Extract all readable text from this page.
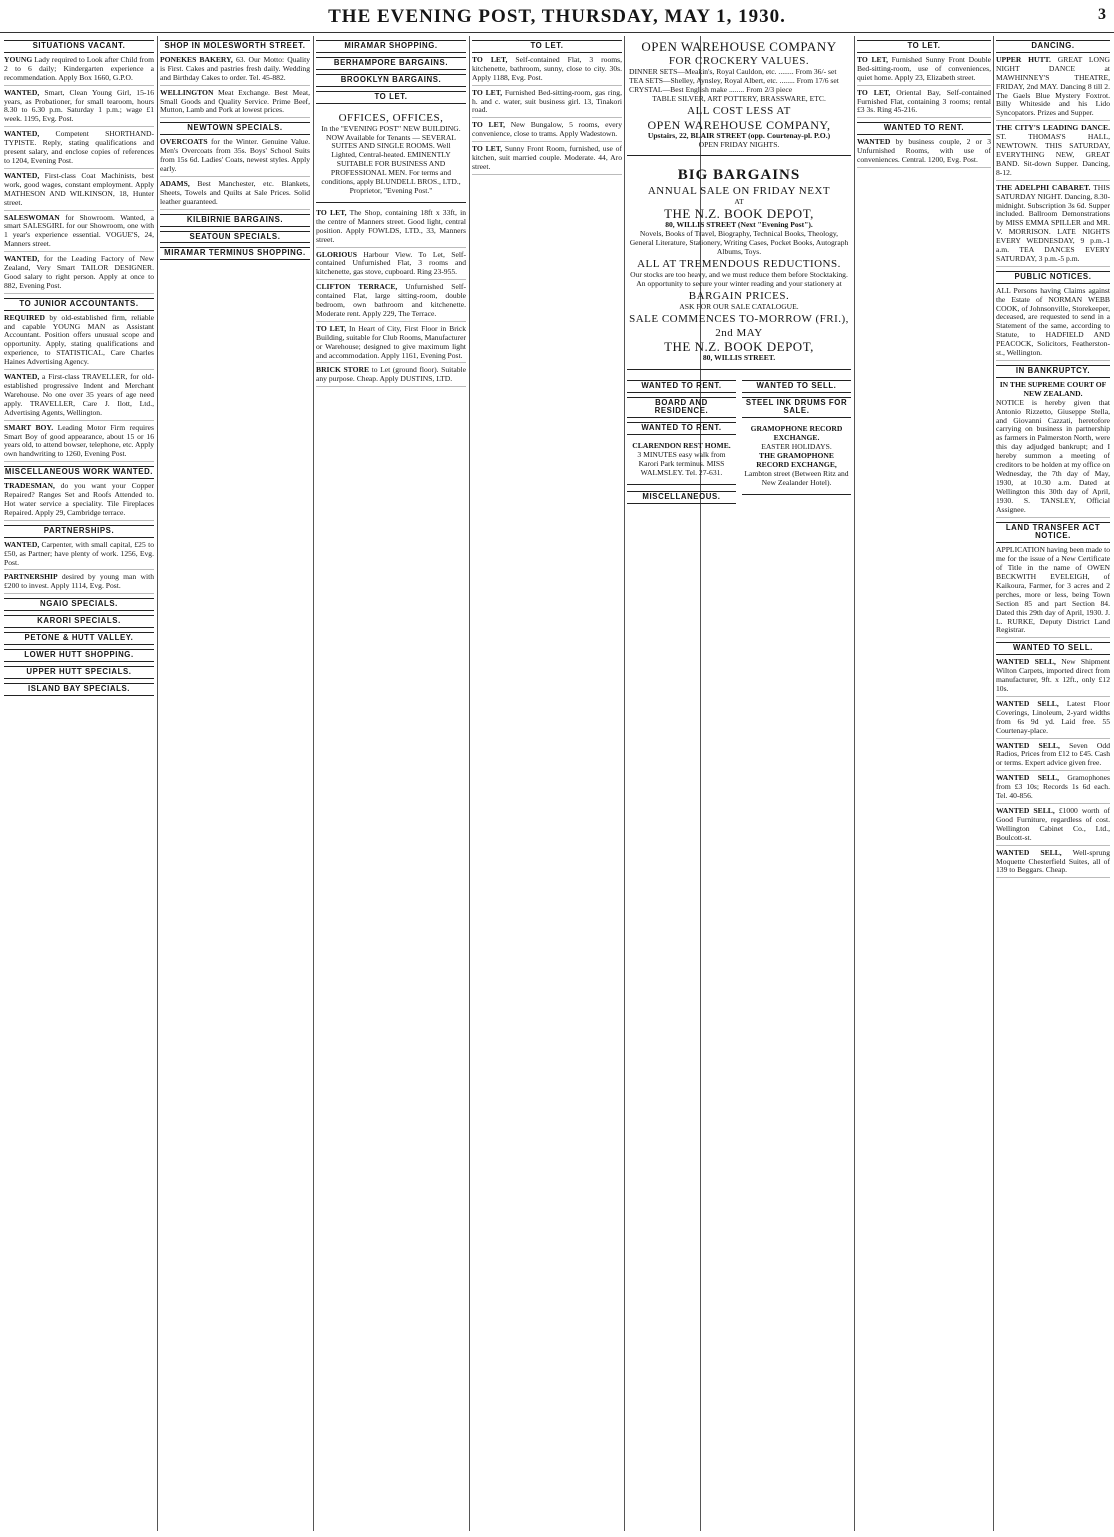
THE EVENING POST, THURSDAY, MAY 1, 1930.	3
SITUATIONS VACANT.
YOUNG Lady required to Look after Child from 2 to 6 daily; Kindergarten experience a recommendation. Apply Box 1660, G.P.O.
WANTED, Smart, Clean Young Girl, 15-16 years, as Probationer, for small tearoom, hours 8.30 to 6.30 p.m. Saturday 1 p.m.; wage £1 week. 1195, Evg. Post.
WANTED, Competent SHORTHAND-TYPISTE. Reply, stating qualifications and present salary, and enclose copies of references to 1204, Evening Post.
WANTED, First-class Coat Machinists, best work, good wages, constant employment. Apply MATHESON AND WILKINSON, 18, Hunter street.
SALESWOMAN for Showroom. Wanted, a smart SALESGIRL for our Showroom, one with 1 year's experience essential. VOGUE'S, 24, Manners street.
WANTED, for the Leading Factory of New Zealand, Very Smart TAILOR DESIGNER. Good salary to right person. Apply at once to 882, Evening Post.
TO JUNIOR ACCOUNTANTS.
REQUIRED by old-established firm, reliable and capable YOUNG MAN as Assistant Accountant. Position offers unusual scope and opportunity. Apply, stating qualifications and experience, to STATISTICAL, Care Charles Haines Advertising Agency.
WANTED, a First-class TRAVELLER, for old-established progressive Indent and Merchant Warehouse. No one over 35 years of age need apply. TRAVELLER, Care J. Ilott, Ltd., Advertising Agents, Wellington.
SMART BOY. Leading Motor Firm requires Smart Boy of good appearance, about 15 or 16 years old, to attend bowser, telephone, etc. Apply own handwriting to 1260, Evening Post.
MISCELLANEOUS WORK WANTED.
TRADESMAN, do you want your Copper Repaired? Ranges Set and Roofs Attended to. Hot water service a speciality. Tile Fireplaces Repaired. Apply 29, Cambridge terrace.
PARTNERSHIPS.
WANTED, Carpenter, with small capital, £25 to £50, as Partner; have plenty of work. 1256, Evg. Post.
PARTNERSHIP desired by young man with £200 to invest. Apply 1114, Evg. Post.
NGAIO SPECIALS.
KARORI SPECIALS.
PETONE & HUTT VALLEY.
LOWER HUTT SHOPPING.
UPPER HUTT SPECIALS.
ISLAND BAY SPECIALS.
SHOP IN MOLESWORTH STREET.
PONEKES BAKERY, 63. Our Motto: Quality is First. Cakes and pastries fresh daily. Wedding and Birthday Cakes to order. Tel. 45-882.
WELLINGTON Meat Exchange. Best Meat, Small Goods and Quality Service. Prime Beef, Mutton, Lamb and Pork at lowest prices.
NEWTOWN SPECIALS.
OVERCOATS for the Winter. Genuine Value. Men's Overcoats from 35s. Boys' School Suits from 15s 6d. Ladies' Coats, newest styles. Apply early.
ADAMS, Best Manchester, etc. Blankets, Sheets, Towels and Quilts at Sale Prices. Solid leather guaranteed.
KILBIRNIE BARGAINS.
SEATOUN SPECIALS.
MIRAMAR TERMINUS SHOPPING.
MIRAMAR SHOPPING.
BERHAMPORE BARGAINS.
BROOKLYN BARGAINS.
TO LET.
OFFICES, OFFICES,
In the "EVENING POST" NEW BUILDING.
NOW Available for Tenants — SEVERAL SUITES AND SINGLE ROOMS. Well Lighted, Central-heated. EMINENTLY SUITABLE FOR BUSINESS AND PROFESSIONAL MEN. For terms and conditions, apply BLUNDELL BROS., LTD., Proprietor, "Evening Post."
TO LET, The Shop, containing 18ft x 33ft, in the centre of Manners street. Good light, central position. Apply FOWLDS, LTD., 33, Manners street.
GLORIOUS Harbour View. To Let, Self-contained Unfurnished Flat, 3 rooms and kitchenette, gas stove, cupboard. Ring 23-955.
CLIFTON TERRACE, Unfurnished Self-contained Flat, large sitting-room, double bedroom, own bathroom and kitchenette. Moderate rent. Apply 229, The Terrace.
TO LET, In Heart of City, First Floor in Brick Building, suitable for Club Rooms, Manufacturer or Warehouse; designed to give maximum light and accommodation. Apply 1161, Evening Post.
BRICK STORE to Let (ground floor). Suitable any purpose. Cheap. Apply DUSTINS, LTD.
TO LET.
TO LET, Self-contained Flat, 3 rooms, kitchenette, bathroom, sunny, close to city. 30s. Apply 1188, Evg. Post.
TO LET, Furnished Bed-sitting-room, gas ring, h. and c. water, suit business girl. 13, Tinakori road.
TO LET, New Bungalow, 5 rooms, every convenience, close to trams. Apply Wadestown.
TO LET, Sunny Front Room, furnished, use of kitchen, suit married couple. Moderate. 44, Aro street.
OPEN WAREHOUSE COMPANY
FOR CROCKERY VALUES.
DINNER SETS—Meakin's, Royal Cauldon, etc. ........ From 36/- set
TEA SETS—Shelley, Aynsley, Royal Albert, etc. ........ From 17/6 set
CRYSTAL—Best English make ........ From 2/3 piece
TABLE SILVER, ART POTTERY, BRASSWARE, ETC.
ALL COST LESS AT
OPEN WAREHOUSE COMPANY,
Upstairs, 22, BLAIR STREET (opp. Courtenay-pl. P.O.)
OPEN FRIDAY NIGHTS.
BIG BARGAINS
ANNUAL SALE ON FRIDAY NEXT
AT
THE N.Z. BOOK DEPOT,
80, WILLIS STREET (Next "Evening Post").
Novels, Books of Travel, Biography, Technical Books, Theology, General Literature, Stationery, Writing Cases, Pocket Books, Autograph Albums, Toys.
ALL AT TREMENDOUS REDUCTIONS.
Our stocks are too heavy, and we must reduce them before Stocktaking. An opportunity to secure your winter reading and your stationery at
BARGAIN PRICES.
ASK FOR OUR SALE CATALOGUE.
SALE COMMENCES TO-MORROW (FRI.), 2nd MAY
THE N.Z. BOOK DEPOT,
80, WILLIS STREET.
WANTED TO RENT.
BOARD AND RESIDENCE.
WANTED TO RENT.
CLARENDON REST HOME.
3 MINUTES easy walk from Karori Park terminus. MISS WALMSLEY. Tel. 27-631.
MISCELLANEOUS.
WANTED TO SELL.
STEEL INK DRUMS FOR SALE.
GRAMOPHONE RECORD EXCHANGE.
EASTER HOLIDAYS.
THE GRAMOPHONE RECORD EXCHANGE,
Lambton street (Between Ritz and New Zealander Hotel).
TO LET.
TO LET, Furnished Sunny Front Double Bed-sitting-room, use of conveniences, quiet home. Apply 23, Elizabeth street.
TO LET, Oriental Bay, Self-contained Furnished Flat, containing 3 rooms; rental £3 3s. Ring 45-216.
WANTED TO RENT.
WANTED by business couple, 2 or 3 Unfurnished Rooms, with use of conveniences. Central. 1200, Evg. Post.
DANCING.
UPPER HUTT. GREAT LONG NIGHT DANCE at MAWHINNEY'S THEATRE, FRIDAY, 2nd MAY. Dancing 8 till 2. The Gaels Blue Mystery Foxtrot. Billy Whiteside and his Lido Syncopators. Prizes and Supper.
THE CITY'S LEADING DANCE. ST. THOMAS'S HALL, NEWTOWN. THIS SATURDAY, EVERYTHING NEW, GREAT BAND. Sit-down Supper. Dancing, 8-12.
THE ADELPHI CABARET. THIS SATURDAY NIGHT. Dancing, 8.30-midnight. Subscription 3s 6d. Supper included. Ballroom Demonstrations by MISS EMMA SPILLER and MR. V. MORRISON. LATE NIGHTS EVERY WEDNESDAY, 9 p.m.-1 a.m. TEA DANCES EVERY SATURDAY, 3 p.m.-5 p.m.
PUBLIC NOTICES.
ALL Persons having Claims against the Estate of NORMAN WEBB COOK, of Johnsonville, Storekeeper, deceased, are requested to send in a Statement of the same, according to Statute, to HADFIELD AND PEACOCK, Solicitors, Featherston-st., Wellington.
IN BANKRUPTCY.
IN THE SUPREME COURT OF NEW ZEALAND.
NOTICE is hereby given that Antonio Rizzetto, Giuseppe Stella, and Giovanni Cazzati, heretofore carrying on business in partnership as farmers in Palmerston North, were this day adjudged bankrupt; and I hereby summon a meeting of creditors to be holden at my office on Wednesday, the 7th day of May, 1930, at 10.30 a.m. Dated at Wellington this 30th day of April, 1930. S. TANSLEY, Official Assignee.
LAND TRANSFER ACT NOTICE.
APPLICATION having been made to me for the issue of a New Certificate of Title in the name of OWEN BECKWITH EVELEIGH, of Kaikoura, Farmer, for 3 acres and 2 perches, more or less, being Town Section 85 and part Section 84. Dated this 29th day of April, 1930. J. L. RURKE, Deputy District Land Registrar.
WANTED TO SELL.
WANTED SELL, New Shipment Wilton Carpets, imported direct from manufacturer, 9ft. x 12ft., only £12 10s.
WANTED SELL, Latest Floor Coverings, Linoleum, 2-yard widths from 6s 9d yd. Laid free. 55 Courtenay-place.
WANTED SELL, Seven Odd Radios, Prices from £12 to £45. Cash or terms. Expert advice given free.
WANTED SELL, Gramophones from £3 10s; Records 1s 6d each. Tel. 40-856.
WANTED SELL, £1000 worth of Good Furniture, regardless of cost. Wellington Cabinet Co., Ltd., Boulcott-st.
WANTED SELL, Well-sprung Moquette Chesterfield Suites, all of 139 to Beggars. Cheap.
